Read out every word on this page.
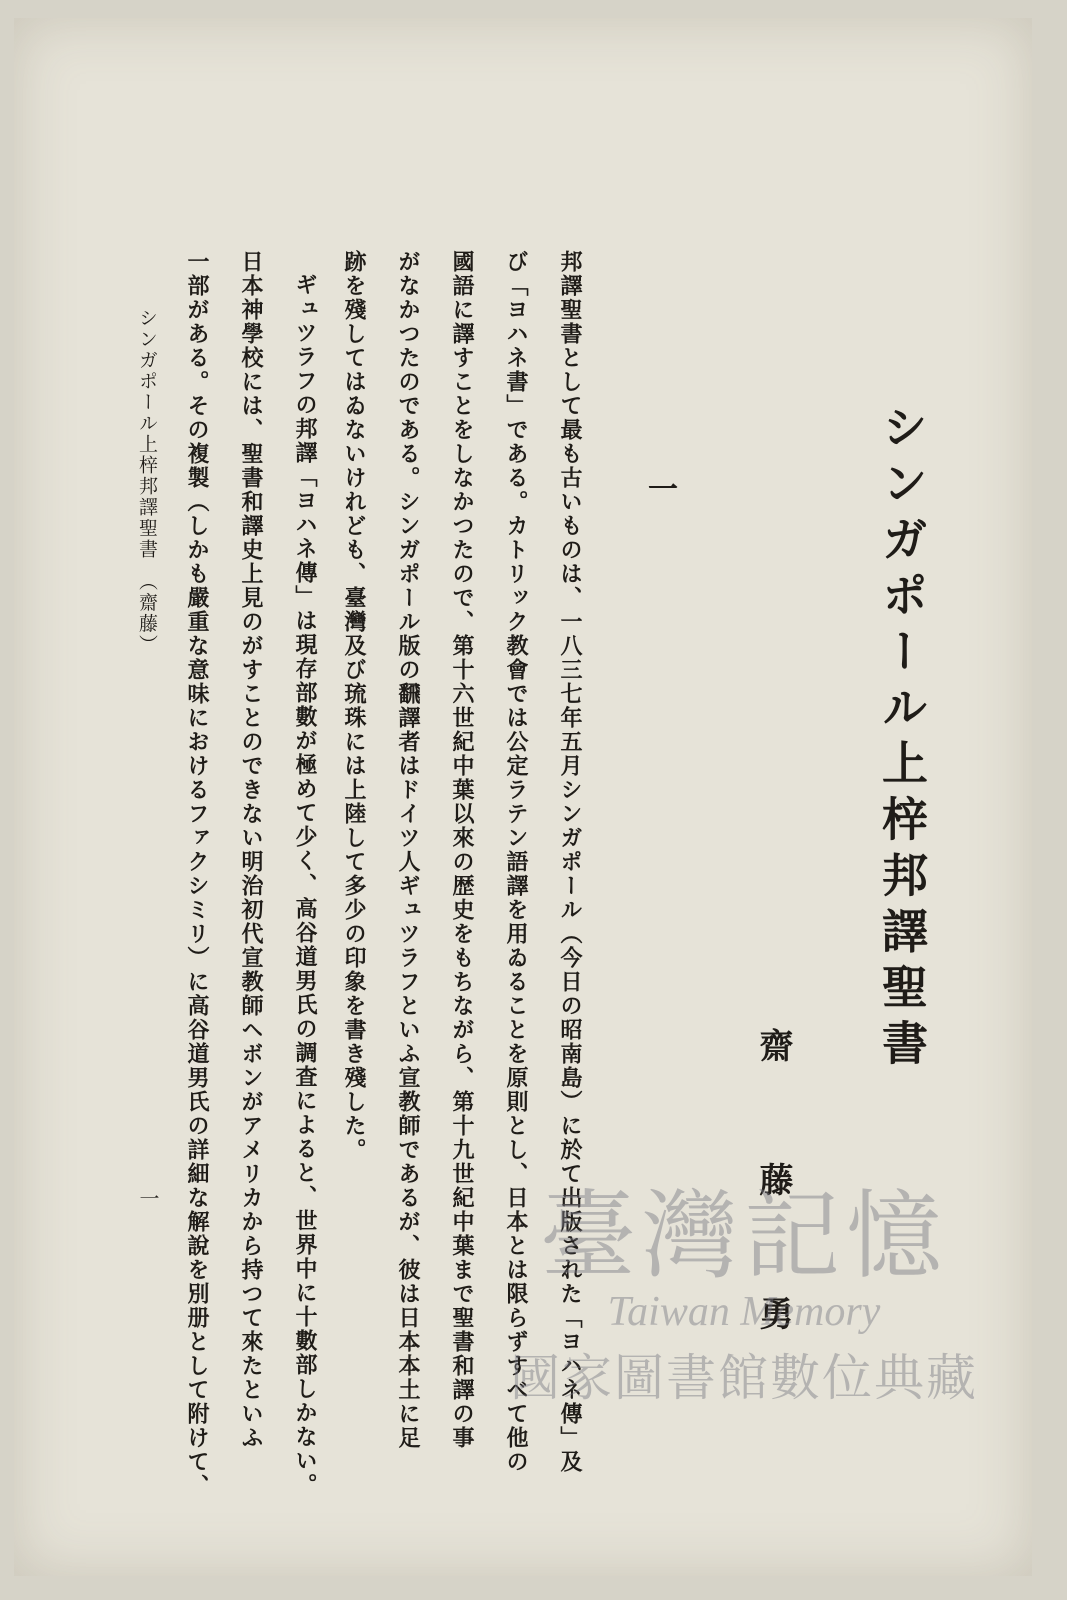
シンガポール上梓邦譯聖書
齋藤勇
一
邦譯聖書として最も古いものは、一八三七年五月シンガポール（今日の昭南島）に於て出版された「ヨハネ傳」及
び「ヨハネ書」である。カトリック教會では公定ラテン語譯を用ゐることを原則とし、日本とは限らずすべて他の
國語に譯すことをしなかつたので、第十六世紀中葉以來の歴史をもちながら、第十九世紀中葉まで聖書和譯の事
がなかつたのである。シンガポール版の飜譯者はドイツ人ギュツラフといふ宣教師であるが、彼は日本本土に足
跡を殘してはゐないけれども、臺灣及び琉珠には上陸して多少の印象を書き殘した。
ギュツラフの邦譯「ヨハネ傳」は現存部數が極めて少く、高谷道男氏の調査によると、世界中に十數部しかない。
日本神學校には、聖書和譯史上見のがすことのできない明治初代宣教師ヘボンがアメリカから持つて來たといふ
一部がある。その複製（しかも嚴重な意味におけるファクシミリ）に高谷道男氏の詳細な解說を別册として附けて、
シンガポール上梓邦譯聖書　（齋藤）
一	臺灣記憶
Taiwan Memory
國家圖書館數位典藏
